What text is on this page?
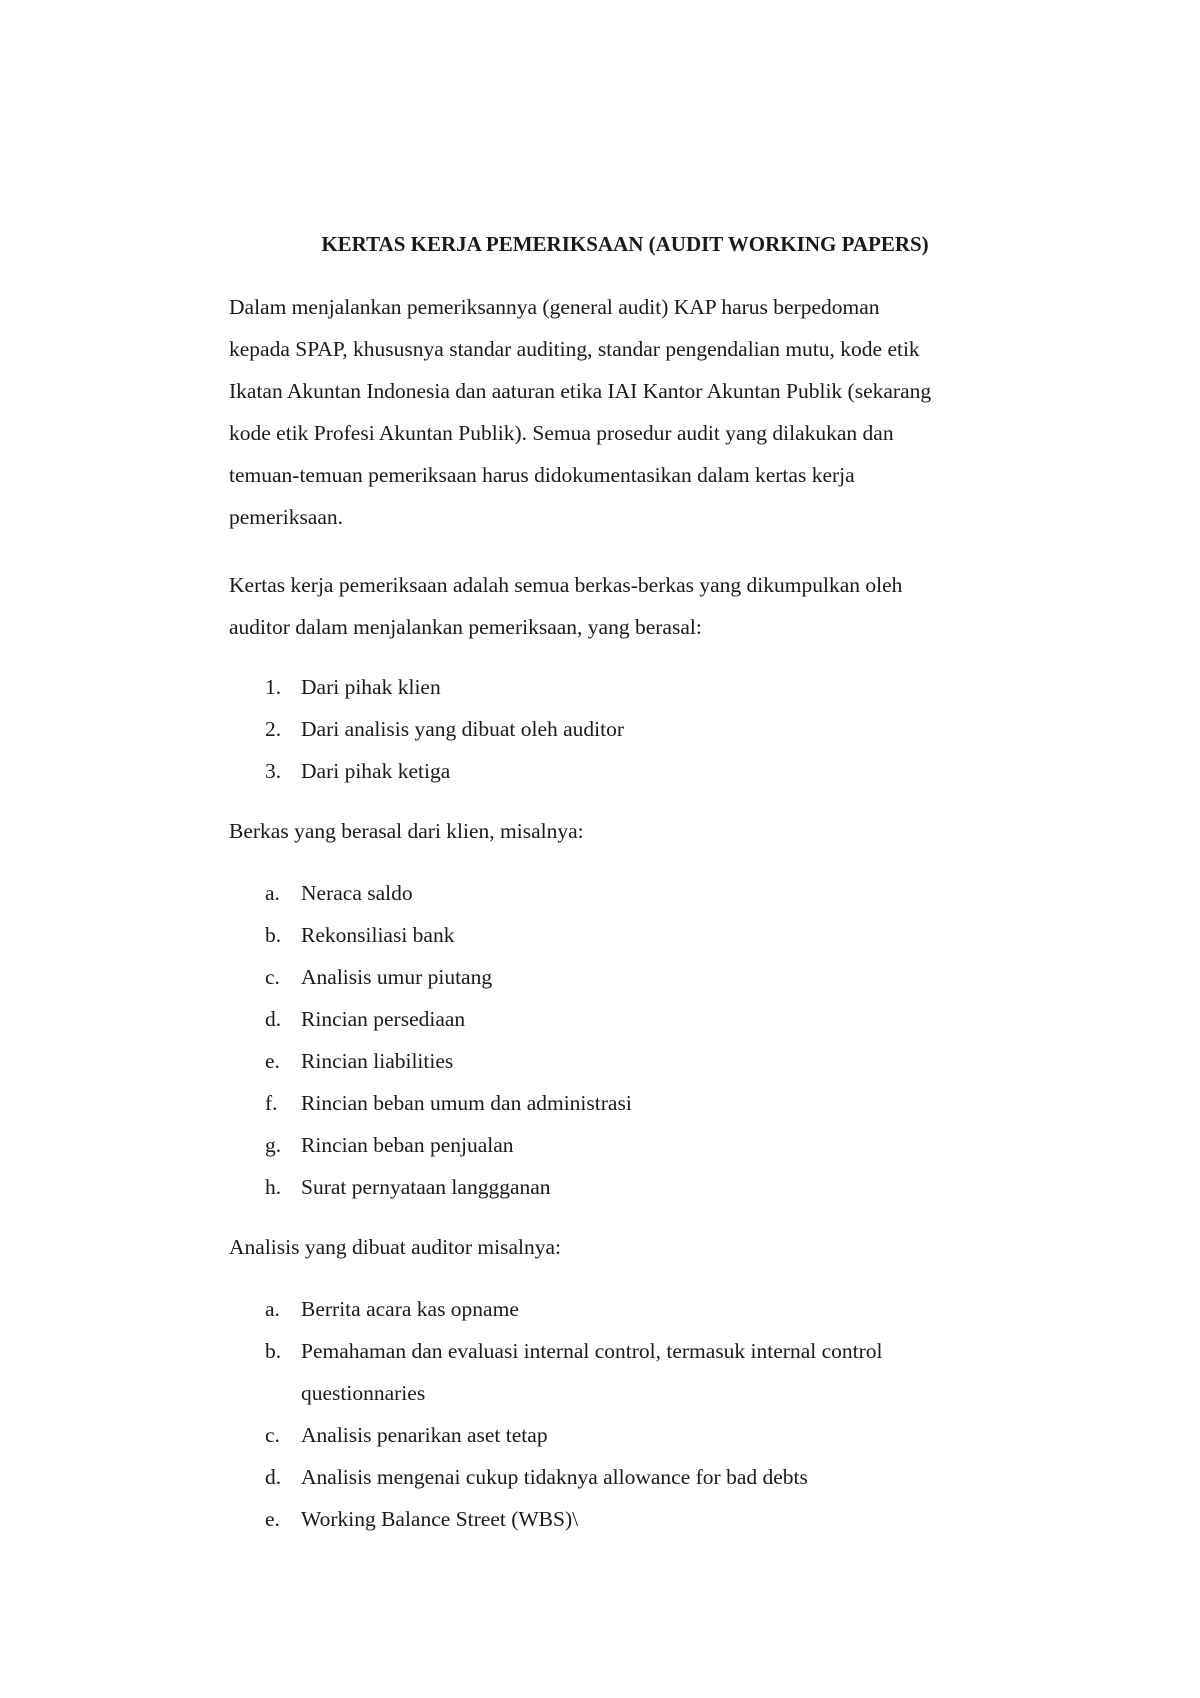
KERTAS KERJA PEMERIKSAAN (AUDIT WORKING PAPERS)
Dalam menjalankan pemeriksannya (general audit) KAP harus berpedoman
kepada SPAP, khususnya standar auditing, standar pengendalian mutu, kode etik
Ikatan Akuntan Indonesia dan aaturan etika IAI Kantor Akuntan Publik (sekarang
kode etik Profesi Akuntan Publik). Semua prosedur audit yang dilakukan dan
temuan-temuan pemeriksaan harus didokumentasikan dalam kertas kerja
pemeriksaan.
Kertas kerja pemeriksaan adalah semua berkas-berkas yang dikumpulkan oleh
auditor dalam menjalankan pemeriksaan, yang berasal:
1. Dari pihak klien
2. Dari analisis yang dibuat oleh auditor
3. Dari pihak ketiga
Berkas yang berasal dari klien, misalnya:
a. Neraca saldo
b. Rekonsiliasi bank
c. Analisis umur piutang
d. Rincian persediaan
e. Rincian liabilities
f. Rincian beban umum dan administrasi
g. Rincian beban penjualan
h. Surat pernyataan langgganan
Analisis yang dibuat auditor misalnya:
a. Berrita acara kas opname
b. Pemahaman dan evaluasi internal control, termasuk internal control
questionnaries
c. Analisis penarikan aset tetap
d. Analisis mengenai cukup tidaknya allowance for bad debts
e. Working Balance Street (WBS)\
